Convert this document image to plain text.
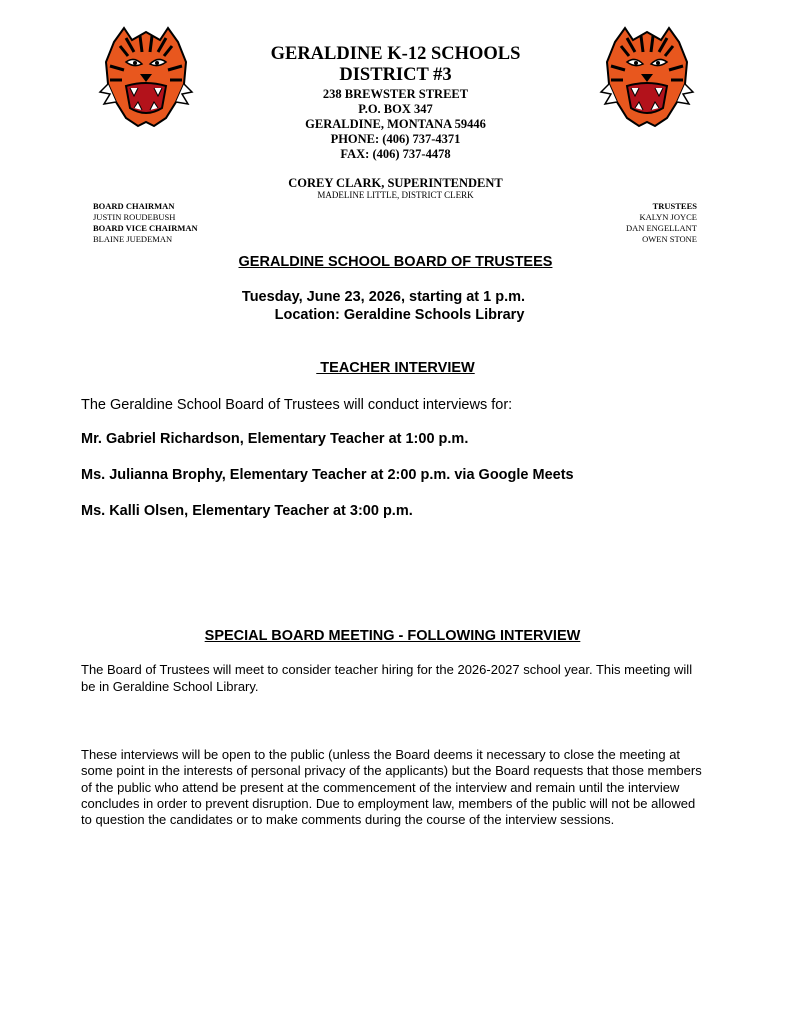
GERALDINE K-12 SCHOOLS
DISTRICT #3
238 BREWSTER STREET
P.O. BOX 347
GERALDINE, MONTANA 59446
PHONE: (406) 737-4371
FAX: (406) 737-4478
COREY CLARK, SUPERINTENDENT
MADELINE LITTLE, DISTRICT CLERK
BOARD CHAIRMAN
JUSTIN ROUDEBUSH
BOARD VICE CHAIRMAN
BLAINE JUEDEMAN
TRUSTEES
KALYN JOYCE
DAN ENGELLANT
OWEN STONE
GERALDINE SCHOOL BOARD OF TRUSTEES
Tuesday, June 23, 2026, starting at 1 p.m.
Location: Geraldine Schools Library
TEACHER INTERVIEW
The Geraldine School Board of Trustees will conduct interviews for:
Mr. Gabriel Richardson, Elementary Teacher at 1:00 p.m.
Ms. Julianna Brophy, Elementary Teacher at 2:00 p.m. via Google Meets
Ms. Kalli Olsen, Elementary Teacher at 3:00 p.m.
SPECIAL BOARD MEETING - FOLLOWING INTERVIEW
The Board of Trustees will meet to consider teacher hiring for the 2026-2027 school year. This meeting will be in Geraldine School Library.
These interviews will be open to the public (unless the Board deems it necessary to close the meeting at some point in the interests of personal privacy of the applicants) but the Board requests that those members of the public who attend be present at the commencement of the interview and remain until the interview concludes in order to prevent disruption. Due to employment law, members of the public will not be allowed to question the candidates or to make comments during the course of the interview sessions.
